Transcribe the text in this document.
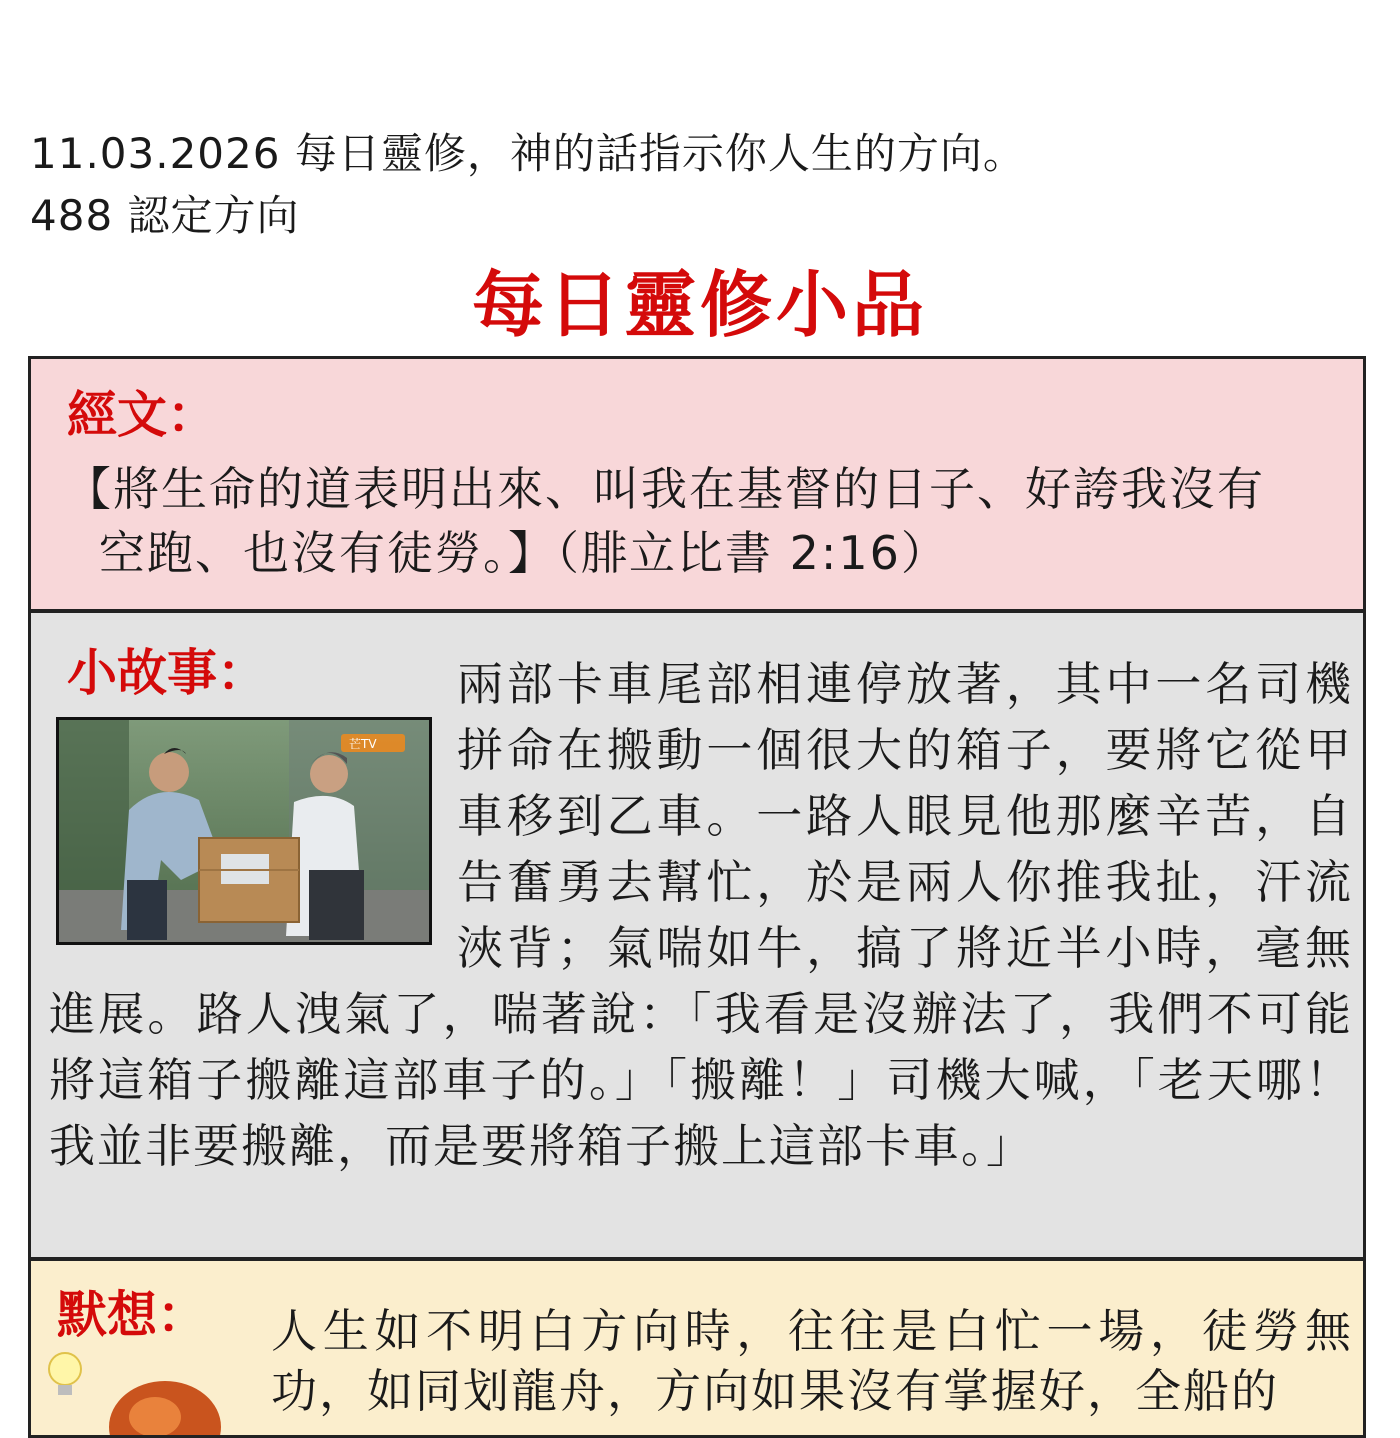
11.03.2026 每日靈修，神的話指示你人生的方向。
488 認定方向
每日靈修小品
經文：
【將生命的道表明出來、叫我在基督的日子、好誇我沒有
空跑、也沒有徒勞。】（腓立比書 2:16）
小故事：	兩部卡車尾部相連停放著，其中一名司機拼命在搬動一個很大的箱子，要將它從甲車移到乙車。一路人眼見他那麼辛苦，自告奮勇去幫忙，於是兩人你推我扯，汗流浹背；氣喘如牛，搞了將近半小時，毫無進展。路人洩氣了，喘著說：「我看是沒辦法了，我們不可能將這箱子搬離這部車子的。」「搬離！」司機大喊，「老天哪！我並非要搬離，而是要將箱子搬上這部卡車。」
芒TV
默想：	人生如不明白方向時，往往是白忙一場，徒勞無功，如同划龍舟，方向如果沒有掌握好，全船的
